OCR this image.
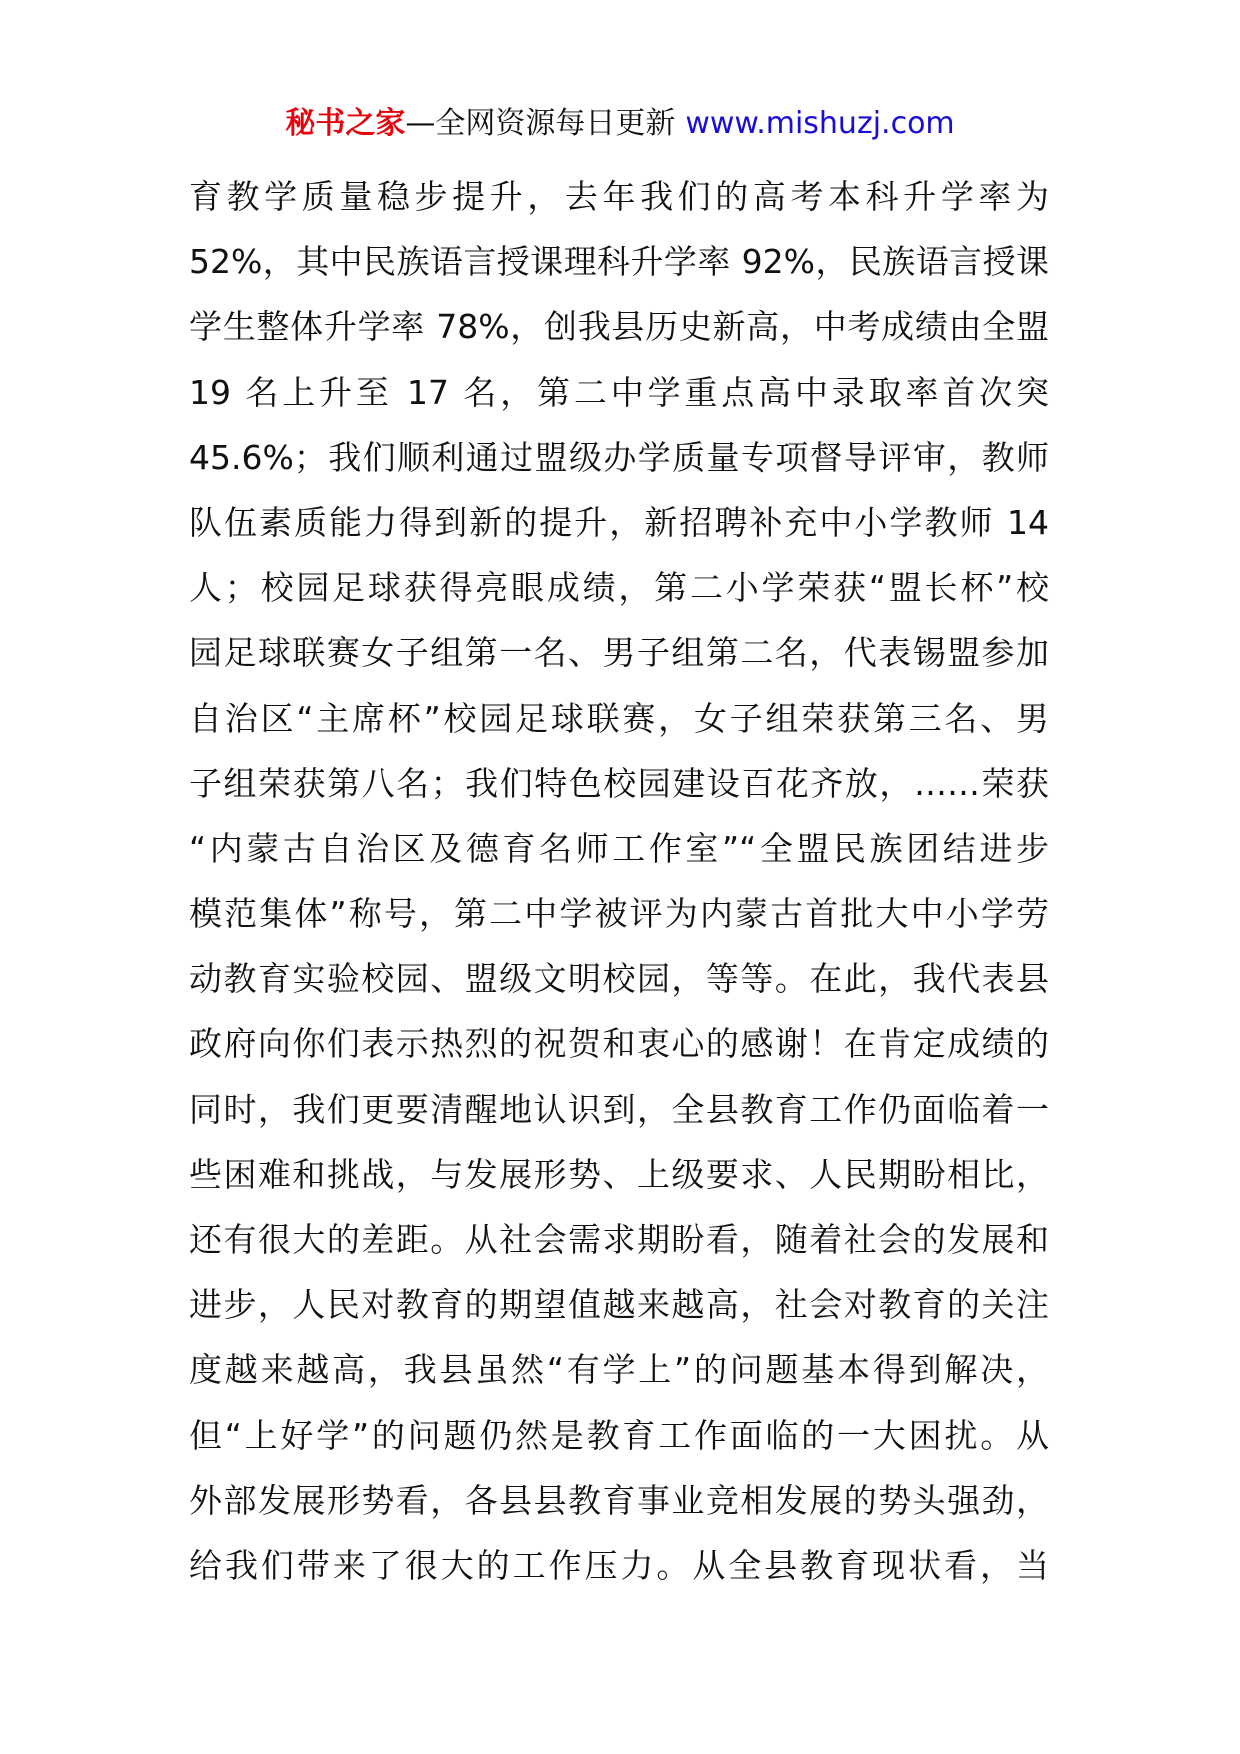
秘书之家—全网资源每日更新 www.mishuzj.com
育教学质量稳步提升，去年我们的高考本科升学率为
52%，其中民族语言授课理科升学率 92%，民族语言授课
学生整体升学率 78%，创我县历史新高，中考成绩由全盟
19 名上升至 17 名，第二中学重点高中录取率首次突
45.6%；我们顺利通过盟级办学质量专项督导评审，教师
队伍素质能力得到新的提升，新招聘补充中小学教师 14
人；校园足球获得亮眼成绩，第二小学荣获“盟长杯”校
园足球联赛女子组第一名、男子组第二名，代表锡盟参加
自治区“主席杯”校园足球联赛，女子组荣获第三名、男
子组荣获第八名；我们特色校园建设百花齐放，……荣获
“内蒙古自治区及德育名师工作室”“全盟民族团结进步
模范集体”称号，第二中学被评为内蒙古首批大中小学劳
动教育实验校园、盟级文明校园，等等。在此，我代表县
政府向你们表示热烈的祝贺和衷心的感谢！在肯定成绩的
同时，我们更要清醒地认识到，全县教育工作仍面临着一
些困难和挑战，与发展形势、上级要求、人民期盼相比，
还有很大的差距。从社会需求期盼看，随着社会的发展和
进步，人民对教育的期望值越来越高，社会对教育的关注
度越来越高，我县虽然“有学上”的问题基本得到解决，
但“上好学”的问题仍然是教育工作面临的一大困扰。从
外部发展形势看，各县县教育事业竞相发展的势头强劲，
给我们带来了很大的工作压力。从全县教育现状看，当
